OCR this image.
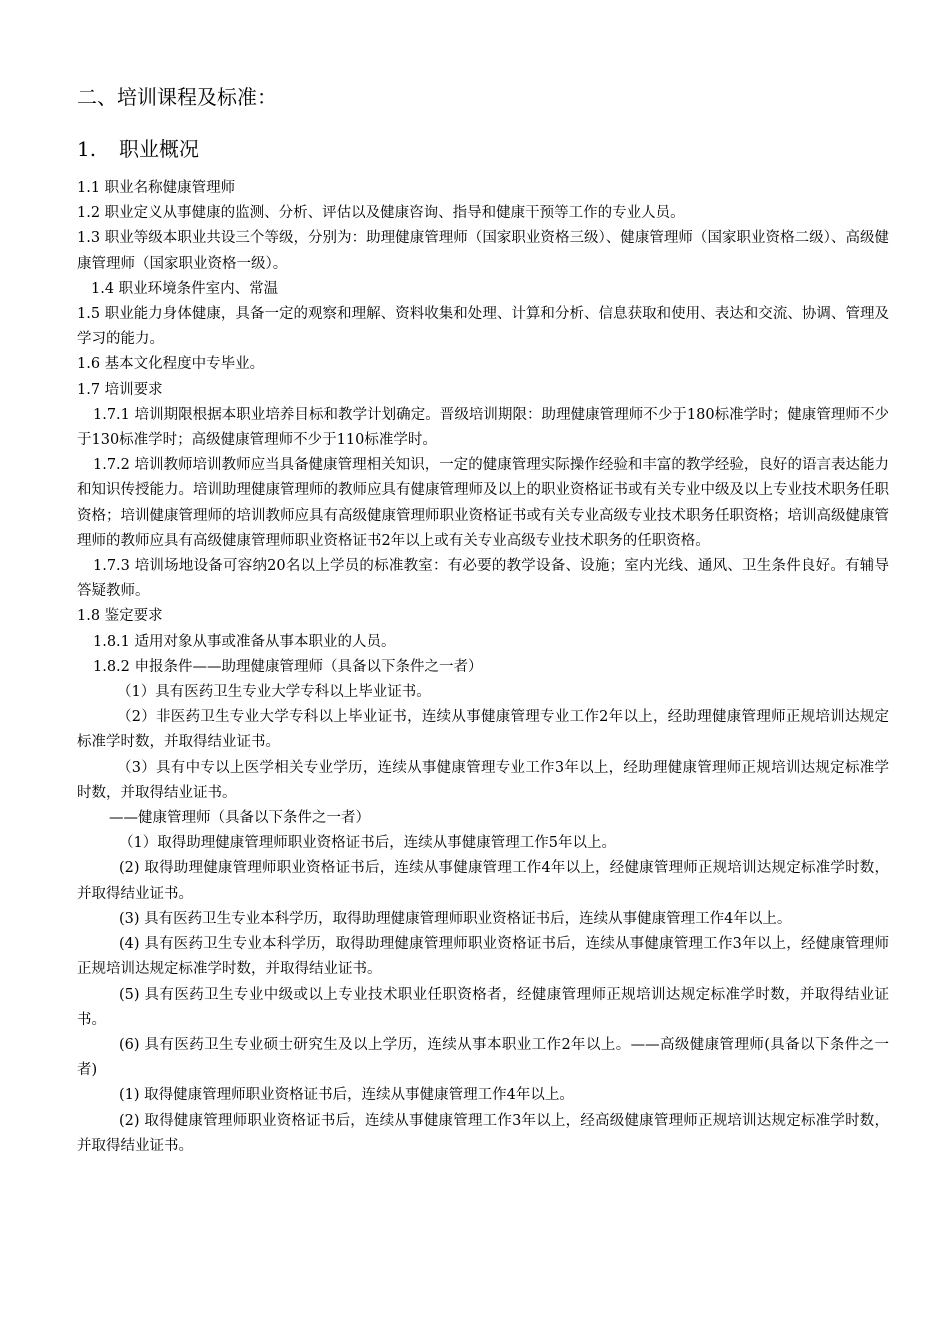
二、培训课程及标准：
1. 职业概况

1.1 职业名称健康管理师

1.2 职业定义从事健康的监测、分析、评估以及健康咨询、指导和健康干预等工作的专业人员。

1.3 职业等级本职业共设三个等级，分别为：助理健康管理师（国家职业资格三级）、健康管理师（国家职业资格二级）、高级健康管理师（国家职业资格一级）。

1.4 职业环境条件室内、常温

1.5 职业能力身体健康，具备一定的观察和理解、资料收集和处理、计算和分析、信息获取和使用、表达和交流、协调、管理及学习的能力。

1.6 基本文化程度中专毕业。

1.7 培训要求

1.7.1 培训期限根据本职业培养目标和教学计划确定。晋级培训期限：助理健康管理师不少于180标准学时；健康管理师不少于130标准学时；高级健康管理师不少于110标准学时。

1.7.2 培训教师培训教师应当具备健康管理相关知识，一定的健康管理实际操作经验和丰富的教学经验，良好的语言表达能力和知识传授能力。培训助理健康管理师的教师应具有健康管理师及以上的职业资格证书或有关专业中级及以上专业技术职务任职资格；培训健康管理师的培训教师应具有高级健康管理师职业资格证书或有关专业高级专业技术职务任职资格；培训高级健康管理师的教师应具有高级健康管理师职业资格证书2年以上或有关专业高级专业技术职务的任职资格。

1.7.3 培训场地设备可容纳20名以上学员的标准教室：有必要的教学设备、设施；室内光线、通风、卫生条件良好。有辅导答疑教师。

1.8 鉴定要求

1.8.1 适用对象从事或准备从事本职业的人员。

1.8.2 申报条件——助理健康管理师（具备以下条件之一者）

（1）具有医药卫生专业大学专科以上毕业证书。

（2）非医药卫生专业大学专科以上毕业证书，连续从事健康管理专业工作2年以上，经助理健康管理师正规培训达规定标准学时数，并取得结业证书。

（3）具有中专以上医学相关专业学历，连续从事健康管理专业工作3年以上，经助理健康管理师正规培训达规定标准学时数，并取得结业证书。

——健康管理师（具备以下条件之一者）

（1）取得助理健康管理师职业资格证书后，连续从事健康管理工作5年以上。

(2) 取得助理健康管理师职业资格证书后，连续从事健康管理工作4年以上，经健康管理师正规培训达规定标准学时数，并取得结业证书。

(3) 具有医药卫生专业本科学历，取得助理健康管理师职业资格证书后，连续从事健康管理工作4年以上。

(4) 具有医药卫生专业本科学历，取得助理健康管理师职业资格证书后，连续从事健康管理工作3年以上，经健康管理师正规培训达规定标准学时数，并取得结业证书。

(5) 具有医药卫生专业中级或以上专业技术职业任职资格者，经健康管理师正规培训达规定标准学时数，并取得结业证书。

(6) 具有医药卫生专业硕士研究生及以上学历，连续从事本职业工作2年以上。——高级健康管理师(具备以下条件之一者)

(1) 取得健康管理师职业资格证书后，连续从事健康管理工作4年以上。

(2) 取得健康管理师职业资格证书后，连续从事健康管理工作3年以上，经高级健康管理师正规培训达规定标准学时数，并取得结业证书。
